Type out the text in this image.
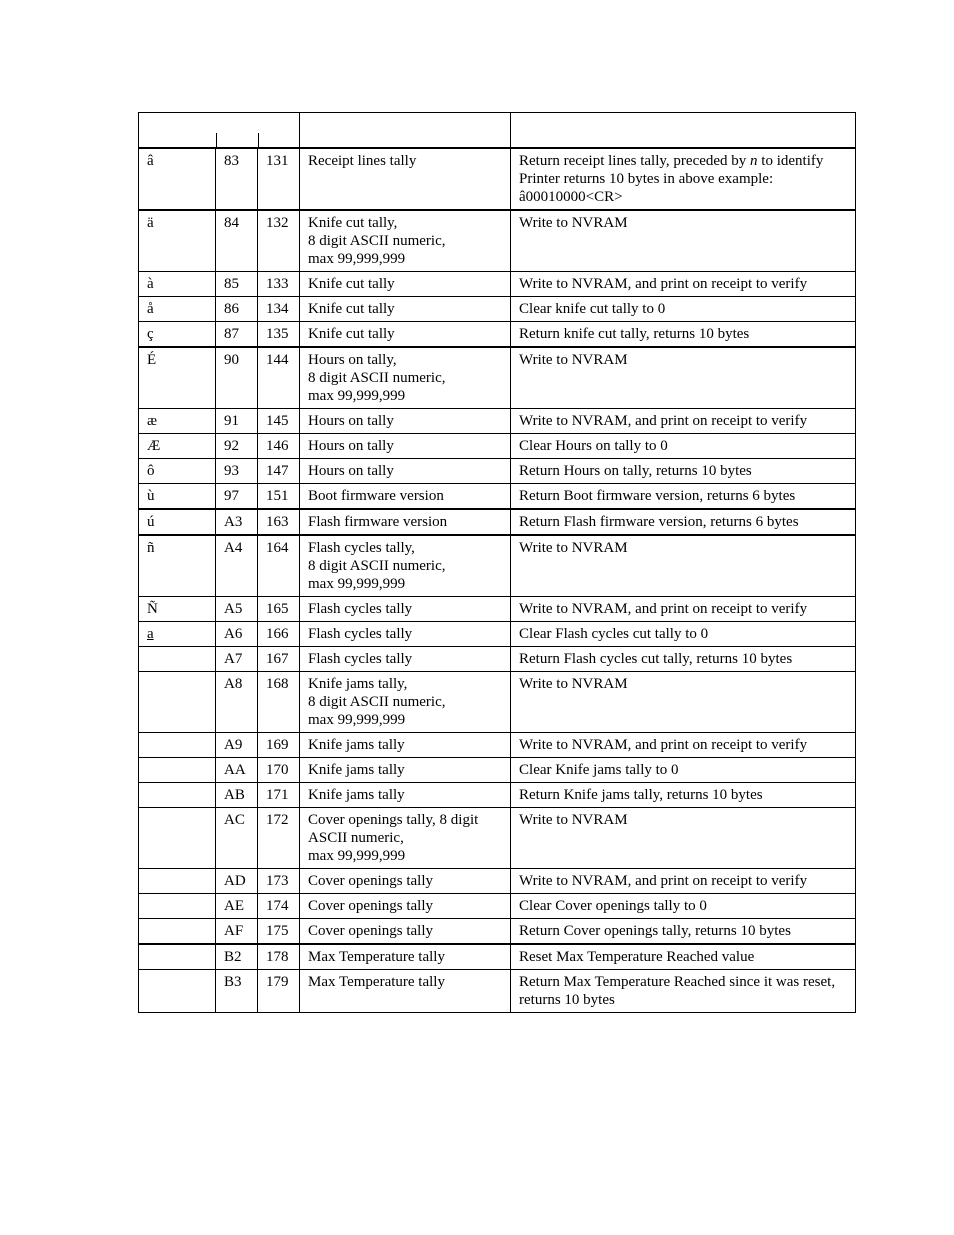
â	83	131	Receipt lines tally	Return receipt lines tally, preceded by n to identify
Printer returns 10 bytes in above example: â00010000<CR>
ä	84	132	Knife cut tally,
8 digit ASCII numeric,
max 99,999,999	Write to NVRAM
à	85	133	Knife cut tally	Write to NVRAM, and print on receipt to verify
å	86	134	Knife cut tally	Clear knife cut tally to 0
ç	87	135	Knife cut tally	Return knife cut tally, returns 10 bytes
É	90	144	Hours on tally,
8 digit ASCII numeric,
max 99,999,999	Write to NVRAM
æ	91	145	Hours on tally	Write to NVRAM, and print on receipt to verify
Æ	92	146	Hours on tally	Clear Hours on tally to 0
ô	93	147	Hours on tally	Return Hours on tally, returns 10 bytes
ù	97	151	Boot firmware version	Return Boot firmware version, returns 6 bytes
ú	A3	163	Flash firmware version	Return Flash firmware version, returns 6 bytes
ñ	A4	164	Flash cycles tally,
8 digit ASCII numeric,
max 99,999,999	Write to NVRAM
Ñ	A5	165	Flash cycles tally	Write to NVRAM, and print on receipt to verify
a	A6	166	Flash cycles tally	Clear Flash cycles cut tally to 0
	A7	167	Flash cycles tally	Return Flash cycles cut tally, returns 10 bytes
	A8	168	Knife jams tally,
8 digit ASCII numeric,
max 99,999,999	Write to NVRAM
	A9	169	Knife jams tally	Write to NVRAM, and print on receipt to verify
	AA	170	Knife jams tally	Clear Knife jams tally to 0
	AB	171	Knife jams tally	Return Knife jams tally, returns 10 bytes
	AC	172	Cover openings tally, 8 digit ASCII numeric,
max 99,999,999	Write to NVRAM
	AD	173	Cover openings tally	Write to NVRAM, and print on receipt to verify
	AE	174	Cover openings tally	Clear Cover openings tally to 0
	AF	175	Cover openings tally	Return Cover openings tally, returns 10 bytes
	B2	178	Max Temperature tally	Reset Max Temperature Reached value
	B3	179	Max Temperature tally	Return Max Temperature Reached since it was reset, returns 10 bytes
